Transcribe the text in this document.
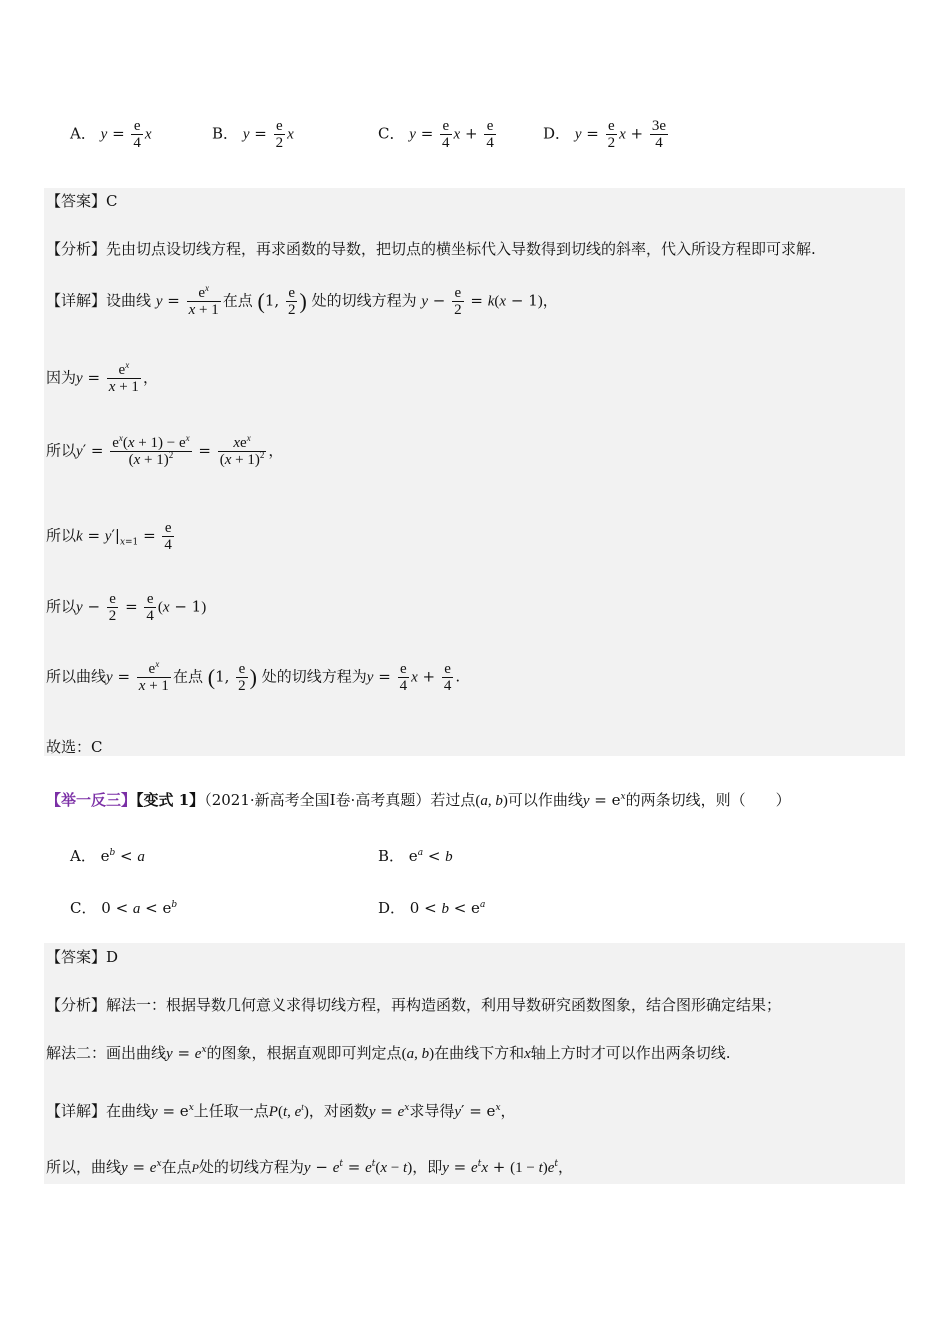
A． $y = \frac{e}{4}$ x	B． $y = \frac{e}{2}$ x	C． $y = \frac{e}{4}$ $x + \frac{e}{4}$	D． $y = \frac{e}{2}$ $x + \frac{3e}{4}$
【答案】C
【分析】先由切点设切线方程，再求函数的导数，把切点的横坐标代入导数得到切线的斜率，代入所设方程即可求解.
【详解】设曲线 $y = \frac{e^x}{x + 1}$ 在点 (1, $\frac{e}{2}$ ) 处的切线方程为 $y - \frac{e}{2} = k(x - 1)$，
因为$y = \frac{e^x}{x + 1}$ ，
所以$y' = \frac{e^x(x + 1) - e^x}{(x + 1)^2} = \frac{xe^x}{(x + 1)^2}$ ，
所以$k = y'|_{x=1} = \frac{e}{4}$
所以$y - \frac{e}{2} = \frac{e}{4} (x - 1)$
所以曲线$y = \frac{e^x}{x + 1}$ 在点 (1, $\frac{e}{2}$ ) 处的切线方程为$y = \frac{e}{4}$ $x + \frac{e}{4}$ .
故选：C
【举一反三】【变式 1】（2021·新高考全国Ⅰ卷·高考真题）若过点(a, b)可以作曲线$y = e^x$的两条切线，则（　　）
A． $e^b < a$	B． $e^a < b$
C． $0 < a < e^b$	D． $0 < b < e^a$
【答案】D
【分析】解法一：根据导数几何意义求得切线方程，再构造函数，利用导数研究函数图象，结合图形确定结果；
解法二：画出曲线$y = e^x$的图象，根据直观即可判定点(a, b)在曲线下方和x轴上方时才可以作出两条切线.
【详解】在曲线$y = e^x$上任取一点P(t, $e^t$)，对函数$y = e^x$求导得$y' = e^x$，
所以，曲线$y = e^x$在点P处的切线方程为$y - e^t = e^t(x - t)$，即$y = e^tx + (1 - t)e^t$，
